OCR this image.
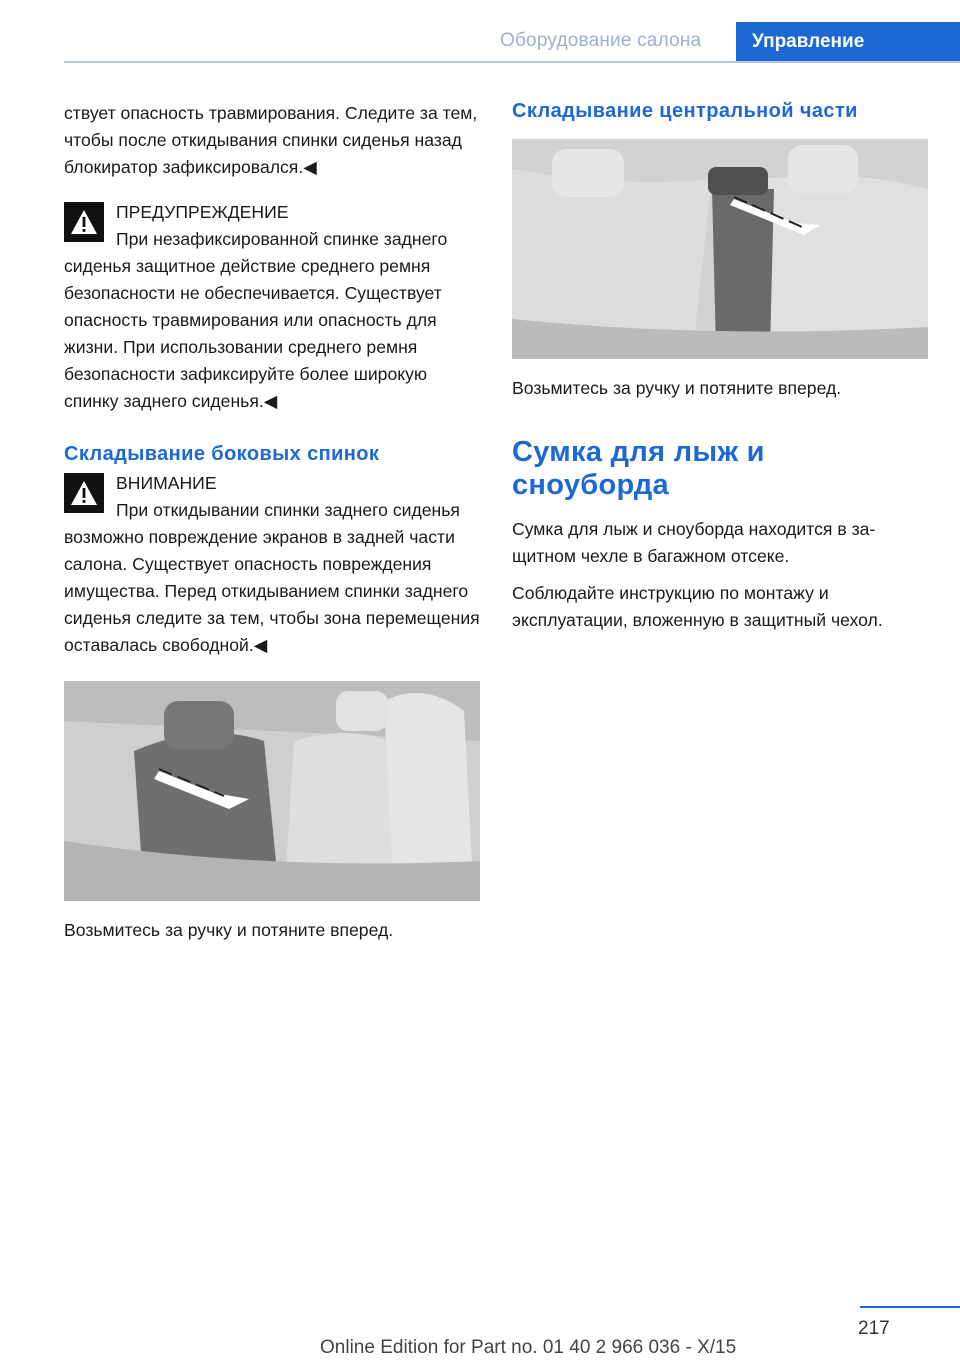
Оборудование салона	Управление

ствует опасность травмирования. Следите за тем, чтобы после откидывания спинки сиденья назад блокиратор зафиксировался.◀

ПРЕДУПРЕЖДЕНИЕ
При незафиксированной спинке заднего сиденья защитное действие среднего ремня безопасности не обеспечивается. Существует опасность травмирования или опасность для жизни. При использовании среднего ремня безопасности зафиксируйте более широкую спинку заднего сиденья.◀

Складывание боковых спинок

ВНИМАНИЕ
При откидывании спинки заднего сиденья возможно повреждение экранов в задней части салона. Существует опасность повреждения имущества. Перед откидыванием спинки заднего сиденья следите за тем, чтобы зона перемещения оставалась свободной.◀

Возьмитесь за ручку и потяните вперед.

Складывание центральной части

Возьмитесь за ручку и потяните вперед.

Сумка для лыж и сноуборда

Сумка для лыж и сноуборда находится в защитном чехле в багажном отсеке.

Соблюдайте инструкцию по монтажу и эксплуатации, вложенную в защитный чехол.

217
Online Edition for Part no. 01 40 2 966 036 - X/15
